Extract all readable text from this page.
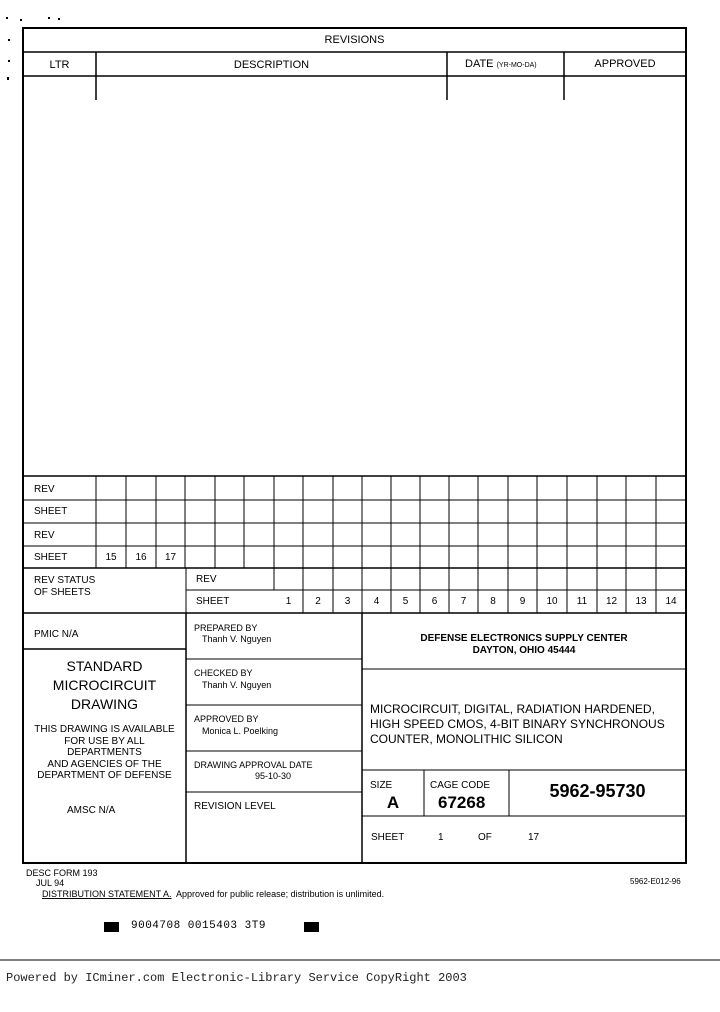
REVISIONS
LTR	DESCRIPTION	DATE (YR-MO-DA)	APPROVED
REV
SHEET
REV
SHEET	15	16	17
REV STATUS
OF SHEETS
REV
SHEET	1	2	3	4	5	6	7	8	9	10	11	12	13	14
PMIC N/A
STANDARD
MICROCIRCUIT
DRAWING
THIS DRAWING IS AVAILABLE
FOR USE BY ALL
DEPARTMENTS
AND AGENCIES OF THE
DEPARTMENT OF DEFENSE
AMSC N/A
PREPARED BY
Thanh V. Nguyen
CHECKED BY
Thanh V. Nguyen
APPROVED BY
Monica L. Poelking
DRAWING APPROVAL DATE
95-10-30
REVISION LEVEL
DEFENSE ELECTRONICS SUPPLY CENTER
DAYTON, OHIO 45444
MICROCIRCUIT, DIGITAL, RADIATION HARDENED,
HIGH SPEED CMOS, 4-BIT BINARY SYNCHRONOUS
COUNTER, MONOLITHIC SILICON
SIZE
A
CAGE CODE
67268
5962-95730
SHEET	1	OF	17
DESC FORM 193
JUL 94
DISTRIBUTION STATEMENT A. Approved for public release; distribution is unlimited.
5962-E012-96
9004708 0015403 3T9
Powered by ICminer.com Electronic-Library Service CopyRight 2003
